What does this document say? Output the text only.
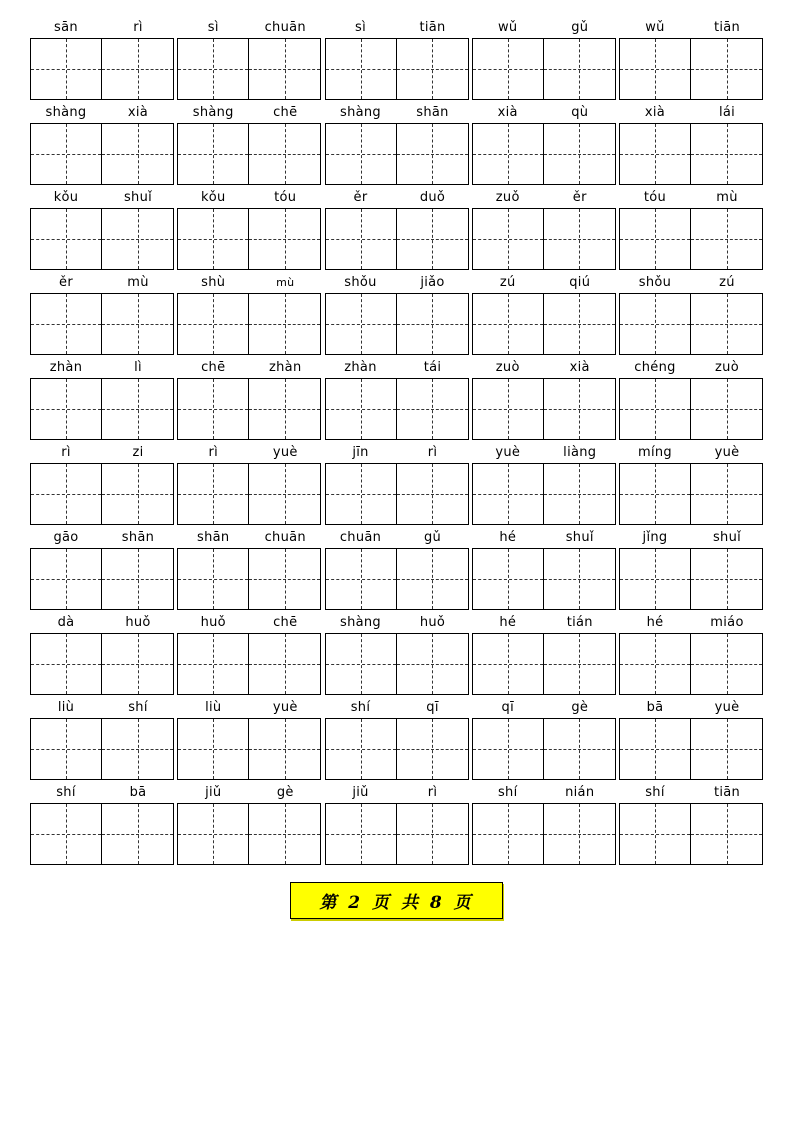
sān	rì	sì	chuān	sì	tiān	wǔ	gǔ	wǔ	tiān
shàng	xià	shàng	chē	shàng	shān	xià	qù	xià	lái
kǒu	shuǐ	kǒu	tóu	ěr	duǒ	zuǒ	ěr	tóu	mù
ěr	mù	shù	mù	shǒu	jiǎo	zú	qiú	shǒu	zú
zhàn	lì	chē	zhàn	zhàn	tái	zuò	xià	chéng	zuò
rì	zi	rì	yuè	jīn	rì	yuè	liàng	míng	yuè
gāo	shān	shān	chuān	chuān	gǔ	hé	shuǐ	jǐng	shuǐ
dà	huǒ	huǒ	chē	shàng	huǒ	hé	tián	hé	miáo
liù	shí	liù	yuè	shí	qī	qī	gè	bā	yuè
shí	bā	jiǔ	gè	jiǔ	rì	shí	nián	shí	tiān
第 2 页 共 8 页
